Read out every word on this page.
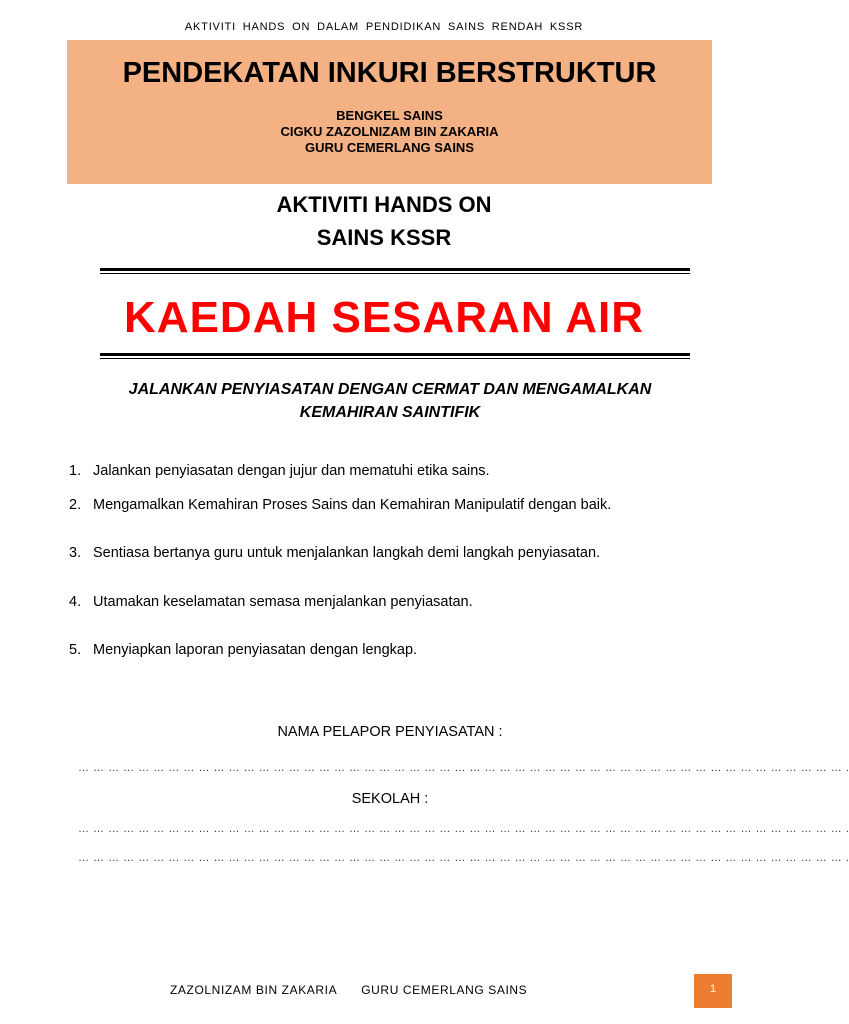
AKTIVITI HANDS ON DALAM PENDIDIKAN SAINS RENDAH KSSR
PENDEKATAN INKURI BERSTRUKTUR
BENGKEL SAINS
CIGKU ZAZOLNIZAM BIN ZAKARIA
GURU CEMERLANG SAINS
AKTIVITI HANDS ON
SAINS KSSR
KAEDAH SESARAN AIR
JALANKAN PENYIASATAN DENGAN CERMAT DAN MENGAMALKAN
KEMAHIRAN SAINTIFIK
1. Jalankan penyiasatan dengan jujur dan mematuhi etika sains.
2. Mengamalkan Kemahiran Proses Sains dan Kemahiran Manipulatif dengan baik.
3. Sentiasa bertanya guru untuk menjalankan langkah demi langkah penyiasatan.
4. Utamakan keselamatan semasa menjalankan penyiasatan.
5. Menyiapkan laporan penyiasatan dengan lengkap.
NAMA PELAPOR PENYIASATAN :
… … … … … … … … … … … … … … … … … … … … … … … … … … … … … … … … … … … … … … … … … … … … … … … … … … … .
SEKOLAH :
… … … … … … … … … … … … … … … … … … … … … … … … … … … … … … … … … … … … … … … … … … … … … … … … … … … .
… … … … … … … … … … … … … … … … … … … … … … … … … … … … … … … … … … … … … … … … … … … … … … … … … … … .
ZAZOLNIZAM BIN ZAKARIA GURU CEMERLANG SAINS	1
